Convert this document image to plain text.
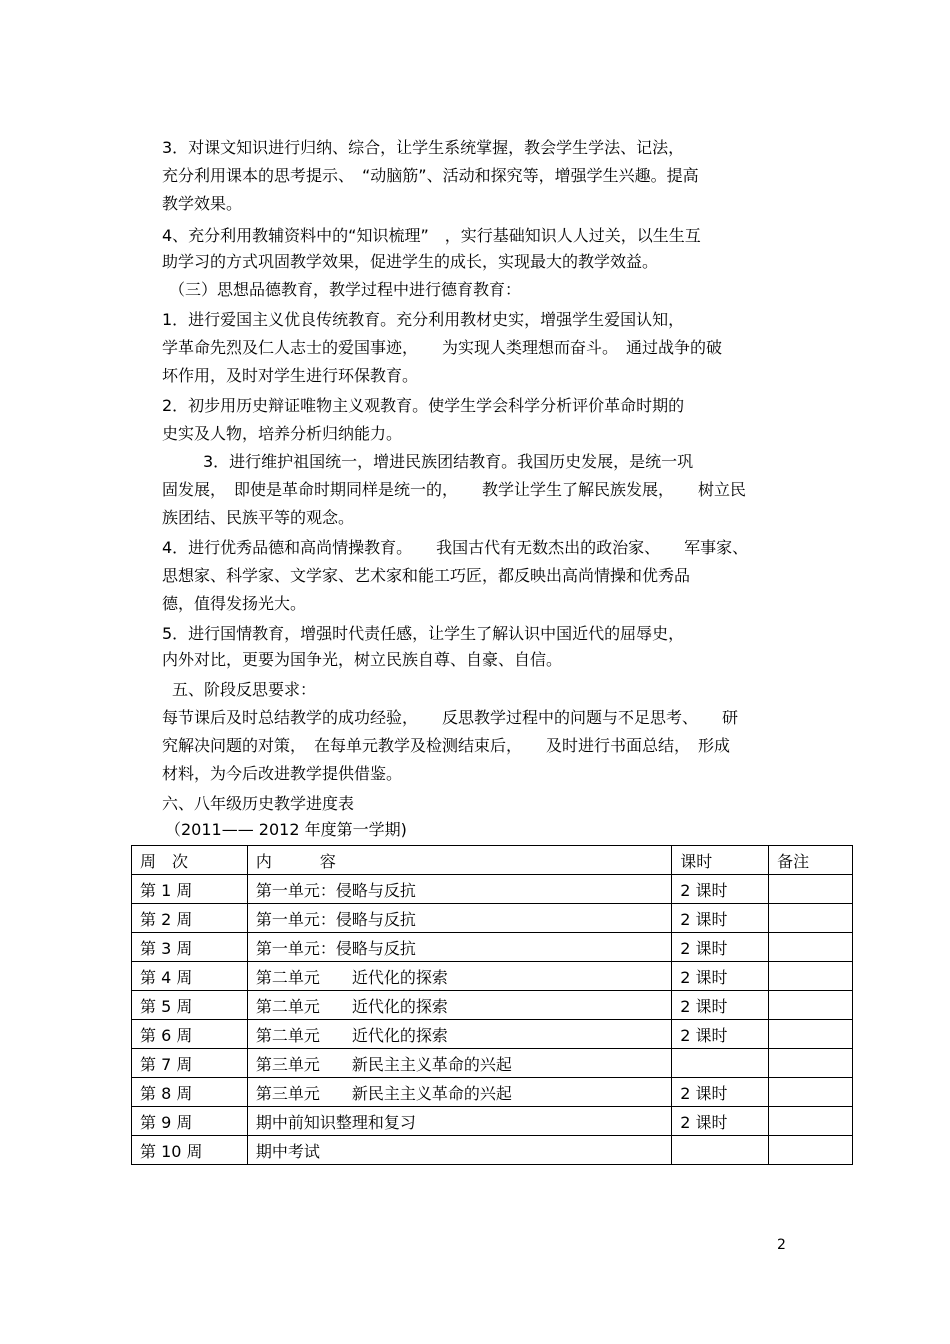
3．对课文知识进行归纳、综合，让学生系统掌握，教会学生学法、记法，
充分利用课本的思考提示、　“动脑筋”、活动和探究等，增强学生兴趣。提高
教学效果。
4、充分利用教辅资料中的“知识梳理”　，实行基础知识人人过关，以生生互
助学习的方式巩固教学效果，促进学生的成长，实现最大的教学效益。
（三）思想品德教育，教学过程中进行德育教育：
1．进行爱国主义优良传统教育。充分利用教材史实，增强学生爱国认知，
学革命先烈及仁人志士的爱国事迹，　　为实现人类理想而奋斗。　通过战争的破
坏作用，及时对学生进行环保教育。
2．初步用历史辩证唯物主义观教育。使学生学会科学分析评价革命时期的
史实及人物，培养分析归纳能力。
3．进行维护祖国统一，增进民族团结教育。我国历史发展，是统一巩
固发展，　即使是革命时期同样是统一的，　　教学让学生了解民族发展，　　树立民
族团结、民族平等的观念。
4．进行优秀品德和高尚情操教育。　　我国古代有无数杰出的政治家、　　军事家、
思想家、科学家、文学家、艺术家和能工巧匠，都反映出高尚情操和优秀品
德，值得发扬光大。
5．进行国情教育，增强时代责任感，让学生了解认识中国近代的屈辱史，
内外对比，更要为国争光，树立民族自尊、自豪、自信。
五、阶段反思要求：
每节课后及时总结教学的成功经验，　　反思教学过程中的问题与不足思考、　　研
究解决问题的对策，　在每单元教学及检测结束后，　　及时进行书面总结，　形成
材料，为今后改进教学提供借鉴。
六、八年级历史教学进度表
（2011—— 2012 年度第一学期)
周　次	内　　　容	课时	备注
第 1 周	第一单元：侵略与反抗	2 课时	
第 2 周	第一单元：侵略与反抗	2 课时	
第 3 周	第一单元：侵略与反抗	2 课时	
第 4 周	第二单元　　近代化的探索	2 课时	
第 5 周	第二单元　　近代化的探索	2 课时	
第 6 周	第二单元　　近代化的探索	2 课时	
第 7 周	第三单元　　新民主主义革命的兴起		
第 8 周	第三单元　　新民主主义革命的兴起	2 课时	
第 9 周	期中前知识整理和复习	2 课时	
第 10 周	期中考试		
2
